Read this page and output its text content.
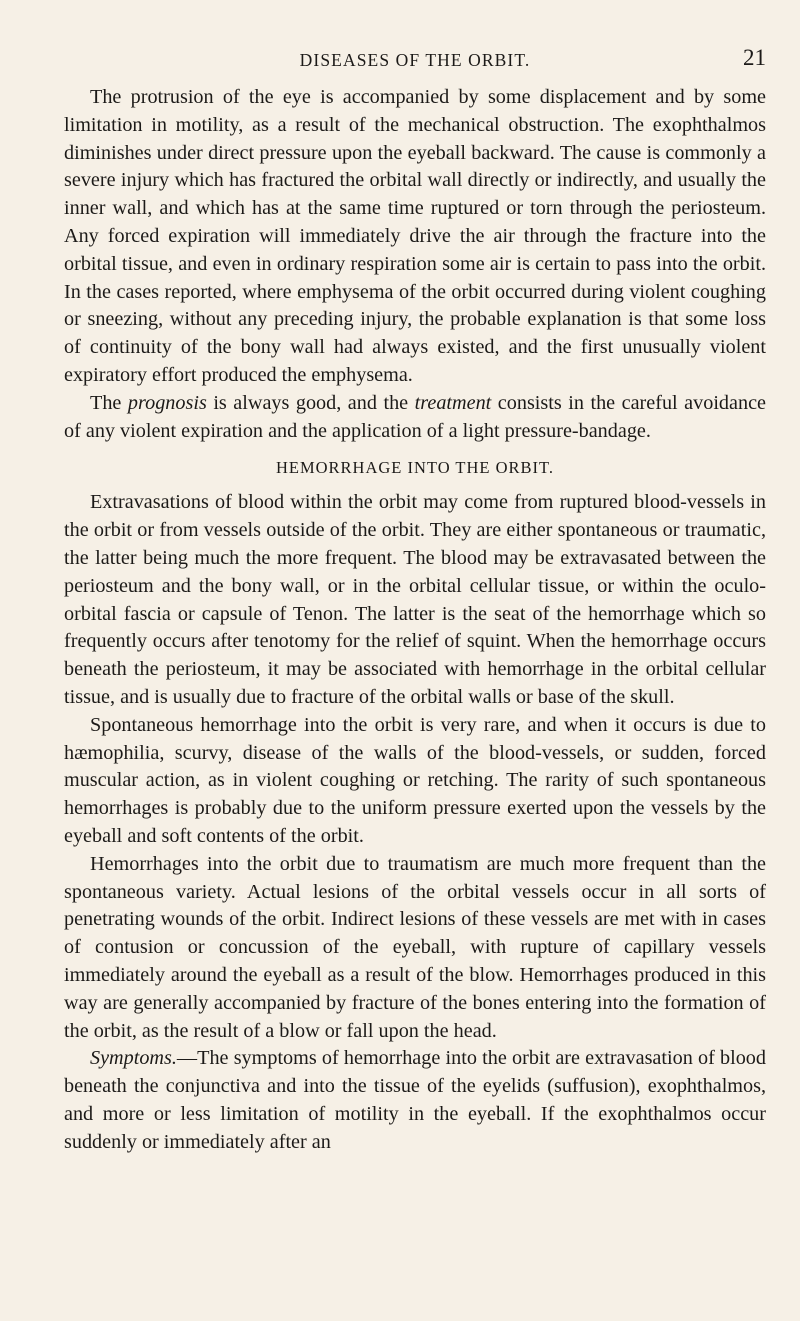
DISEASES OF THE ORBIT.	21

The protrusion of the eye is accompanied by some displacement and by some limitation in motility, as a result of the mechanical obstruction. The exophthalmos diminishes under direct pressure upon the eyeball backward. The cause is commonly a severe injury which has fractured the orbital wall directly or indirectly, and usually the inner wall, and which has at the same time ruptured or torn through the periosteum. Any forced expiration will immediately drive the air through the fracture into the orbital tissue, and even in ordinary respiration some air is certain to pass into the orbit. In the cases reported, where emphysema of the orbit occurred during violent coughing or sneezing, without any preceding injury, the probable explanation is that some loss of continuity of the bony wall had always existed, and the first unusually violent expiratory effort produced the emphysema.

The prognosis is always good, and the treatment consists in the careful avoidance of any violent expiration and the application of a light pressure-bandage.

HEMORRHAGE INTO THE ORBIT.

Extravasations of blood within the orbit may come from ruptured blood-vessels in the orbit or from vessels outside of the orbit. They are either spontaneous or traumatic, the latter being much the more frequent. The blood may be extravasated between the periosteum and the bony wall, or in the orbital cellular tissue, or within the oculo-orbital fascia or capsule of Tenon. The latter is the seat of the hemorrhage which so frequently occurs after tenotomy for the relief of squint. When the hemorrhage occurs beneath the periosteum, it may be associated with hemorrhage in the orbital cellular tissue, and is usually due to fracture of the orbital walls or base of the skull.

Spontaneous hemorrhage into the orbit is very rare, and when it occurs is due to hæmophilia, scurvy, disease of the walls of the blood-vessels, or sudden, forced muscular action, as in violent coughing or retching. The rarity of such spontaneous hemorrhages is probably due to the uniform pressure exerted upon the vessels by the eyeball and soft contents of the orbit.

Hemorrhages into the orbit due to traumatism are much more frequent than the spontaneous variety. Actual lesions of the orbital vessels occur in all sorts of penetrating wounds of the orbit. Indirect lesions of these vessels are met with in cases of contusion or concussion of the eyeball, with rupture of capillary vessels immediately around the eyeball as a result of the blow. Hemorrhages produced in this way are generally accompanied by fracture of the bones entering into the formation of the orbit, as the result of a blow or fall upon the head.

Symptoms.—The symptoms of hemorrhage into the orbit are extravasation of blood beneath the conjunctiva and into the tissue of the eyelids (suffusion), exophthalmos, and more or less limitation of motility in the eyeball. If the exophthalmos occur suddenly or immediately after an
